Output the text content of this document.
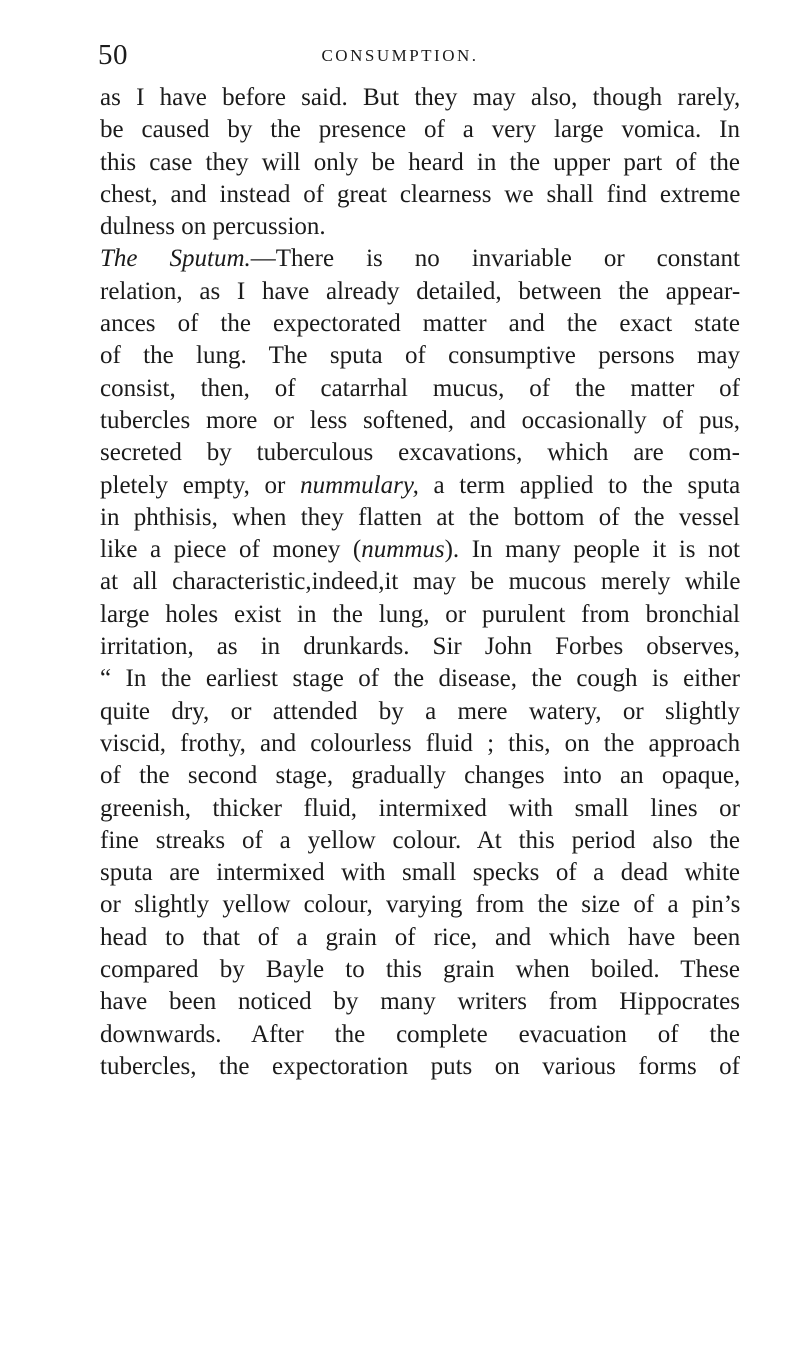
50	CONSUMPTION.
as I have before said. But they may also, though rarely,
be caused by the presence of a very large vomica. In
this case they will only be heard in the upper part of the
chest, and instead of great clearness we shall find extreme
dulness on percussion.
The Sputum.—There is no invariable or constant
relation, as I have already detailed, between the appear-
ances of the expectorated matter and the exact state
of the lung. The sputa of consumptive persons may
consist, then, of catarrhal mucus, of the matter of
tubercles more or less softened, and occasionally of pus,
secreted by tuberculous excavations, which are com-
pletely empty, or nummulary, a term applied to the sputa
in phthisis, when they flatten at the bottom of the vessel
like a piece of money (nummus). In many people it is not
at all characteristic,indeed,it may be mucous merely while
large holes exist in the lung, or purulent from bronchial
irritation, as in drunkards. Sir John Forbes observes,
“ In the earliest stage of the disease, the cough is either
quite dry, or attended by a mere watery, or slightly
viscid, frothy, and colourless fluid ; this, on the approach
of the second stage, gradually changes into an opaque,
greenish, thicker fluid, intermixed with small lines or
fine streaks of a yellow colour. At this period also the
sputa are intermixed with small specks of a dead white
or slightly yellow colour, varying from the size of a pin’s
head to that of a grain of rice, and which have been
compared by Bayle to this grain when boiled. These
have been noticed by many writers from Hippocrates
downwards. After the complete evacuation of the
tubercles, the expectoration puts on various forms of
